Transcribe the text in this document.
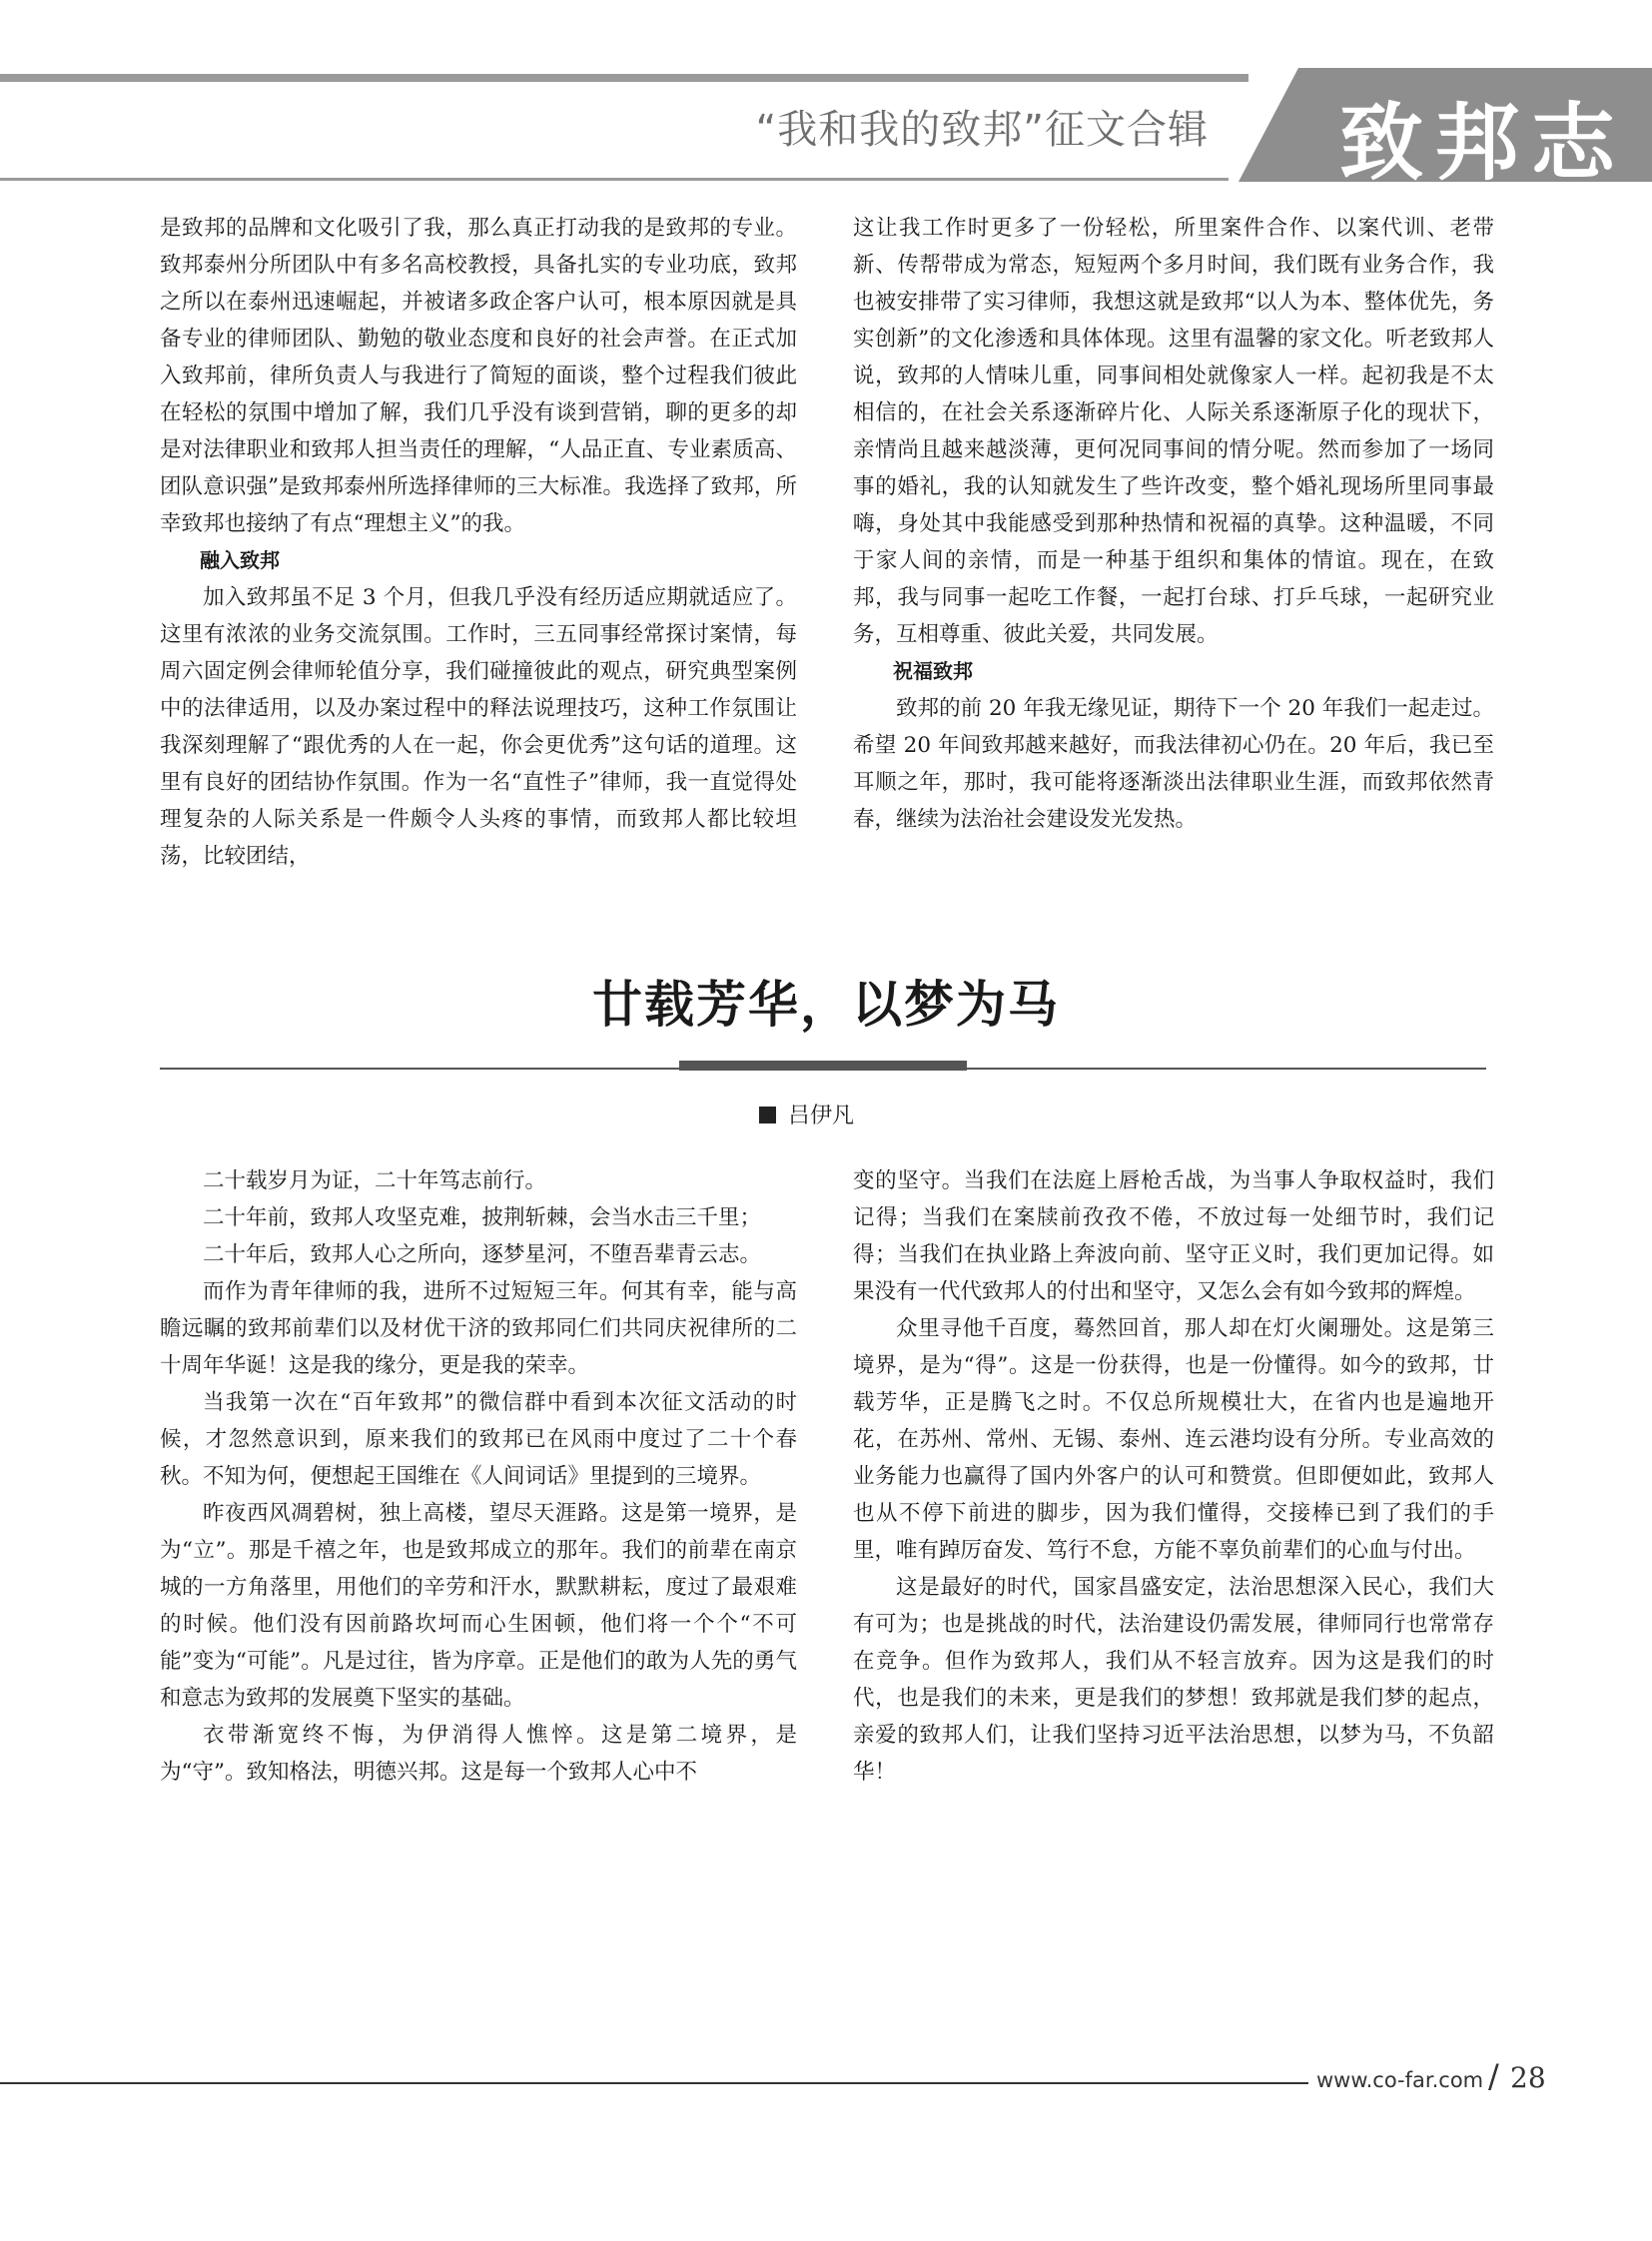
“我和我的致邦”征文合辑 致邦志

是致邦的品牌和文化吸引了我，那么真正打动我的是致邦的专业。致邦泰州分所团队中有多名高校教授，具备扎实的专业功底，致邦之所以在泰州迅速崛起，并被诸多政企客户认可，根本原因就是具备专业的律师团队、勤勉的敬业态度和良好的社会声誉。在正式加入致邦前，律所负责人与我进行了简短的面谈，整个过程我们彼此在轻松的氛围中增加了解，我们几乎没有谈到营销，聊的更多的却是对法律职业和致邦人担当责任的理解，“人品正直、专业素质高、团队意识强”是致邦泰州所选择律师的三大标准。我选择了致邦，所幸致邦也接纳了有点“理想主义”的我。

融入致邦

加入致邦虽不足 3 个月，但我几乎没有经历适应期就适应了。这里有浓浓的业务交流氛围。工作时，三五同事经常探讨案情，每周六固定例会律师轮值分享，我们碰撞彼此的观点，研究典型案例中的法律适用，以及办案过程中的释法说理技巧，这种工作氛围让我深刻理解了“跟优秀的人在一起，你会更优秀”这句话的道理。这里有良好的团结协作氛围。作为一名“直性子”律师，我一直觉得处理复杂的人际关系是一件颇令人头疼的事情，而致邦人都比较坦荡，比较团结，

这让我工作时更多了一份轻松，所里案件合作、以案代训、老带新、传帮带成为常态，短短两个多月时间，我们既有业务合作，我也被安排带了实习律师，我想这就是致邦“以人为本、整体优先，务实创新”的文化渗透和具体体现。这里有温馨的家文化。听老致邦人说，致邦的人情味儿重，同事间相处就像家人一样。起初我是不太相信的，在社会关系逐渐碎片化、人际关系逐渐原子化的现状下，亲情尚且越来越淡薄，更何况同事间的情分呢。然而参加了一场同事的婚礼，我的认知就发生了些许改变，整个婚礼现场所里同事最嗨，身处其中我能感受到那种热情和祝福的真挚。这种温暖，不同于家人间的亲情，而是一种基于组织和集体的情谊。现在，在致邦，我与同事一起吃工作餐，一起打台球、打乒乓球，一起研究业务，互相尊重、彼此关爱，共同发展。

祝福致邦

致邦的前 20 年我无缘见证，期待下一个 20 年我们一起走过。希望 20 年间致邦越来越好，而我法律初心仍在。20 年后，我已至耳顺之年，那时，我可能将逐渐淡出法律职业生涯，而致邦依然青春，继续为法治社会建设发光发热。

廿载芳华，以梦为马
吕伊凡

二十载岁月为证，二十年笃志前行。

二十年前，致邦人攻坚克难，披荆斩棘，会当水击三千里；

二十年后，致邦人心之所向，逐梦星河，不堕吾辈青云志。

而作为青年律师的我，进所不过短短三年。何其有幸，能与高瞻远瞩的致邦前辈们以及材优干济的致邦同仁们共同庆祝律所的二十周年华诞！这是我的缘分，更是我的荣幸。

当我第一次在“百年致邦”的微信群中看到本次征文活动的时候，才忽然意识到，原来我们的致邦已在风雨中度过了二十个春秋。不知为何，便想起王国维在《人间词话》里提到的三境界。

昨夜西风凋碧树，独上高楼，望尽天涯路。这是第一境界，是为“立”。那是千禧之年，也是致邦成立的那年。我们的前辈在南京城的一方角落里，用他们的辛劳和汗水，默默耕耘，度过了最艰难的时候。他们没有因前路坎坷而心生困顿，他们将一个个“不可能”变为“可能”。凡是过往，皆为序章。正是他们的敢为人先的勇气和意志为致邦的发展奠下坚实的基础。

衣带渐宽终不悔，为伊消得人憔悴。这是第二境界，是为“守”。致知格法，明德兴邦。这是每一个致邦人心中不

变的坚守。当我们在法庭上唇枪舌战，为当事人争取权益时，我们记得；当我们在案牍前孜孜不倦，不放过每一处细节时，我们记得；当我们在执业路上奔波向前、坚守正义时，我们更加记得。如果没有一代代致邦人的付出和坚守，又怎么会有如今致邦的辉煌。

众里寻他千百度，蓦然回首，那人却在灯火阑珊处。这是第三境界，是为“得”。这是一份获得，也是一份懂得。如今的致邦，廿载芳华，正是腾飞之时。不仅总所规模壮大，在省内也是遍地开花，在苏州、常州、无锡、泰州、连云港均设有分所。专业高效的业务能力也赢得了国内外客户的认可和赞赏。但即便如此，致邦人也从不停下前进的脚步，因为我们懂得，交接棒已到了我们的手里，唯有踔厉奋发、笃行不怠，方能不辜负前辈们的心血与付出。

这是最好的时代，国家昌盛安定，法治思想深入民心，我们大有可为；也是挑战的时代，法治建设仍需发展，律师同行也常常存在竞争。但作为致邦人，我们从不轻言放弃。因为这是我们的时代，也是我们的未来，更是我们的梦想！致邦就是我们梦的起点，亲爱的致邦人们，让我们坚持习近平法治思想，以梦为马，不负韶华！

www.co-far.com / 28
